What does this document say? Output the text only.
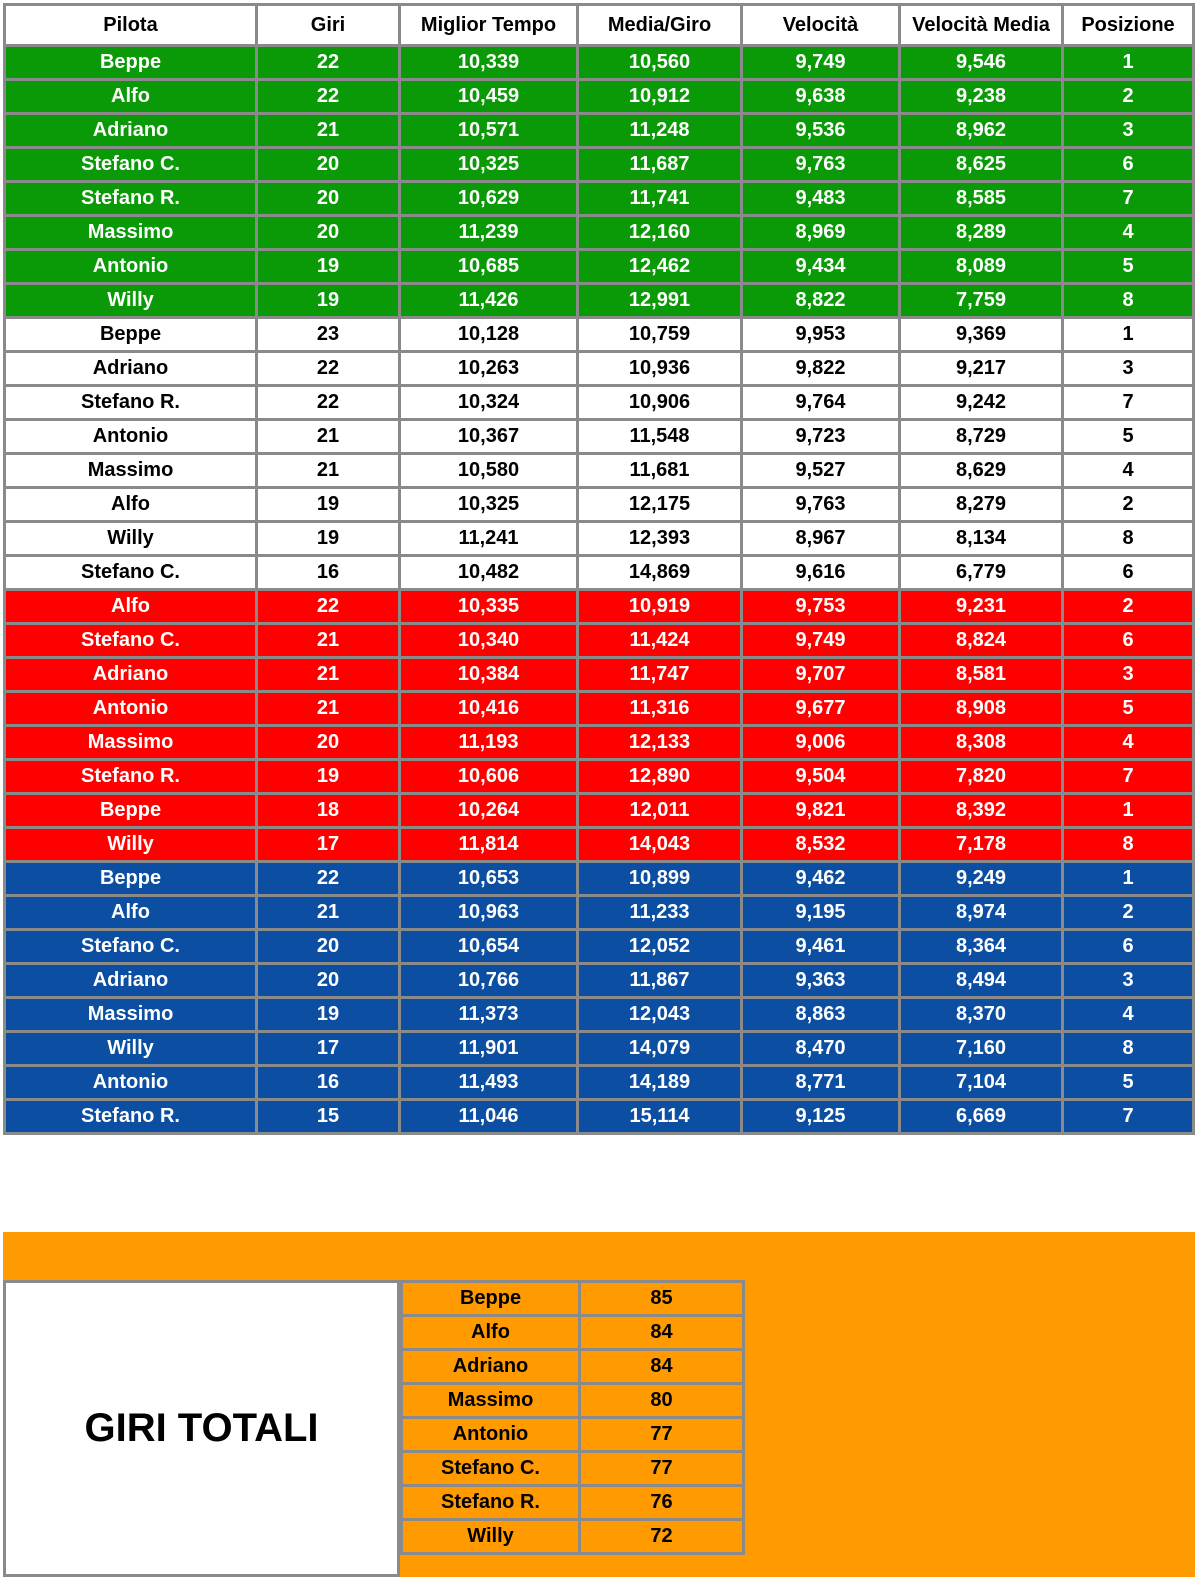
Pilota	Giri	Miglior Tempo	Media/Giro	Velocità	Velocità Media	Posizione
Beppe	22	10,339	10,560	9,749	9,546	1
Alfo	22	10,459	10,912	9,638	9,238	2
Adriano	21	10,571	11,248	9,536	8,962	3
Stefano C.	20	10,325	11,687	9,763	8,625	6
Stefano R.	20	10,629	11,741	9,483	8,585	7
Massimo	20	11,239	12,160	8,969	8,289	4
Antonio	19	10,685	12,462	9,434	8,089	5
Willy	19	11,426	12,991	8,822	7,759	8
Beppe	23	10,128	10,759	9,953	9,369	1
Adriano	22	10,263	10,936	9,822	9,217	3
Stefano R.	22	10,324	10,906	9,764	9,242	7
Antonio	21	10,367	11,548	9,723	8,729	5
Massimo	21	10,580	11,681	9,527	8,629	4
Alfo	19	10,325	12,175	9,763	8,279	2
Willy	19	11,241	12,393	8,967	8,134	8
Stefano C.	16	10,482	14,869	9,616	6,779	6
Alfo	22	10,335	10,919	9,753	9,231	2
Stefano C.	21	10,340	11,424	9,749	8,824	6
Adriano	21	10,384	11,747	9,707	8,581	3
Antonio	21	10,416	11,316	9,677	8,908	5
Massimo	20	11,193	12,133	9,006	8,308	4
Stefano R.	19	10,606	12,890	9,504	7,820	7
Beppe	18	10,264	12,011	9,821	8,392	1
Willy	17	11,814	14,043	8,532	7,178	8
Beppe	22	10,653	10,899	9,462	9,249	1
Alfo	21	10,963	11,233	9,195	8,974	2
Stefano C.	20	10,654	12,052	9,461	8,364	6
Adriano	20	10,766	11,867	9,363	8,494	3
Massimo	19	11,373	12,043	8,863	8,370	4
Willy	17	11,901	14,079	8,470	7,160	8
Antonio	16	11,493	14,189	8,771	7,104	5
Stefano R.	15	11,046	15,114	9,125	6,669	7
GIRI TOTALI
Beppe	85
Alfo	84
Adriano	84
Massimo	80
Antonio	77
Stefano C.	77
Stefano R.	76
Willy	72
